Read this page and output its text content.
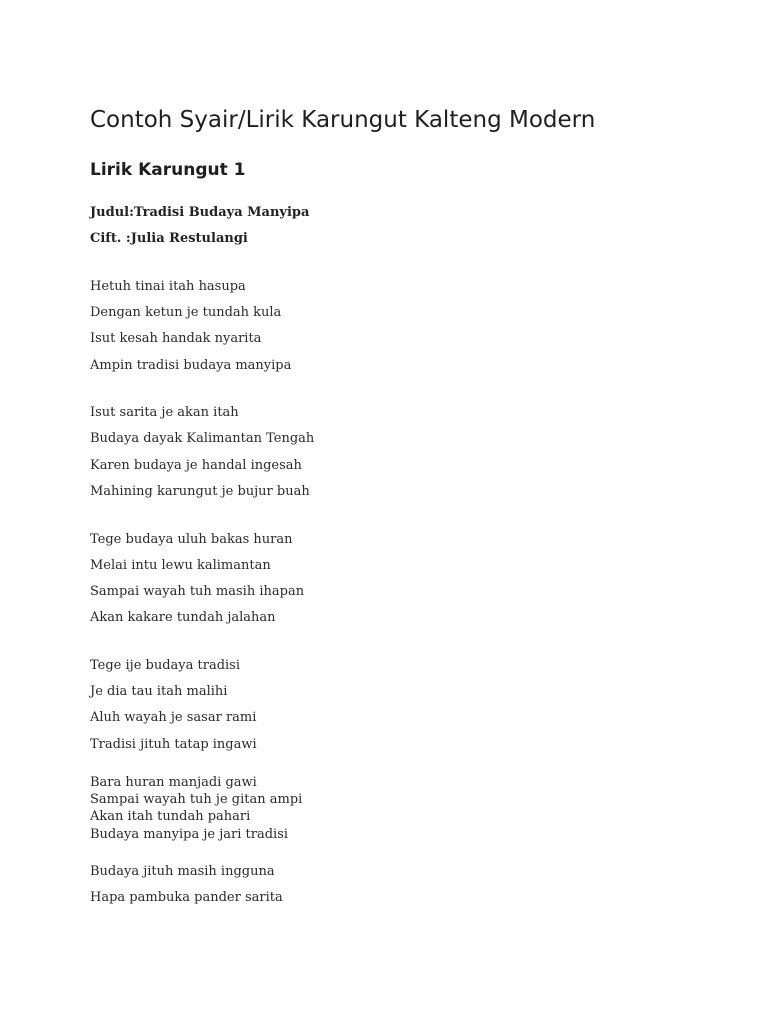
Contoh Syair/Lirik Karungut Kalteng Modern
Lirik Karungut 1

Judul:Tradisi Budaya Manyipa

Cift. :Julia Restulangi

Hetuh tinai itah hasupa

Dengan ketun je tundah kula

Isut kesah handak nyarita

Ampin tradisi budaya manyipa

Isut sarita je akan itah

Budaya dayak Kalimantan Tengah

Karen budaya je handal ingesah

Mahining karungut je bujur buah

Tege budaya uluh bakas huran

Melai intu lewu kalimantan

Sampai wayah tuh masih ihapan

Akan kakare tundah jalahan

Tege ije budaya tradisi

Je dia tau itah malihi

Aluh wayah je sasar rami

Tradisi jituh tatap ingawi

Bara huran manjadi gawi

Sampai wayah tuh je gitan ampi

Akan itah tundah pahari

Budaya manyipa je jari tradisi

Budaya jituh masih ingguna

Hapa pambuka pander sarita
